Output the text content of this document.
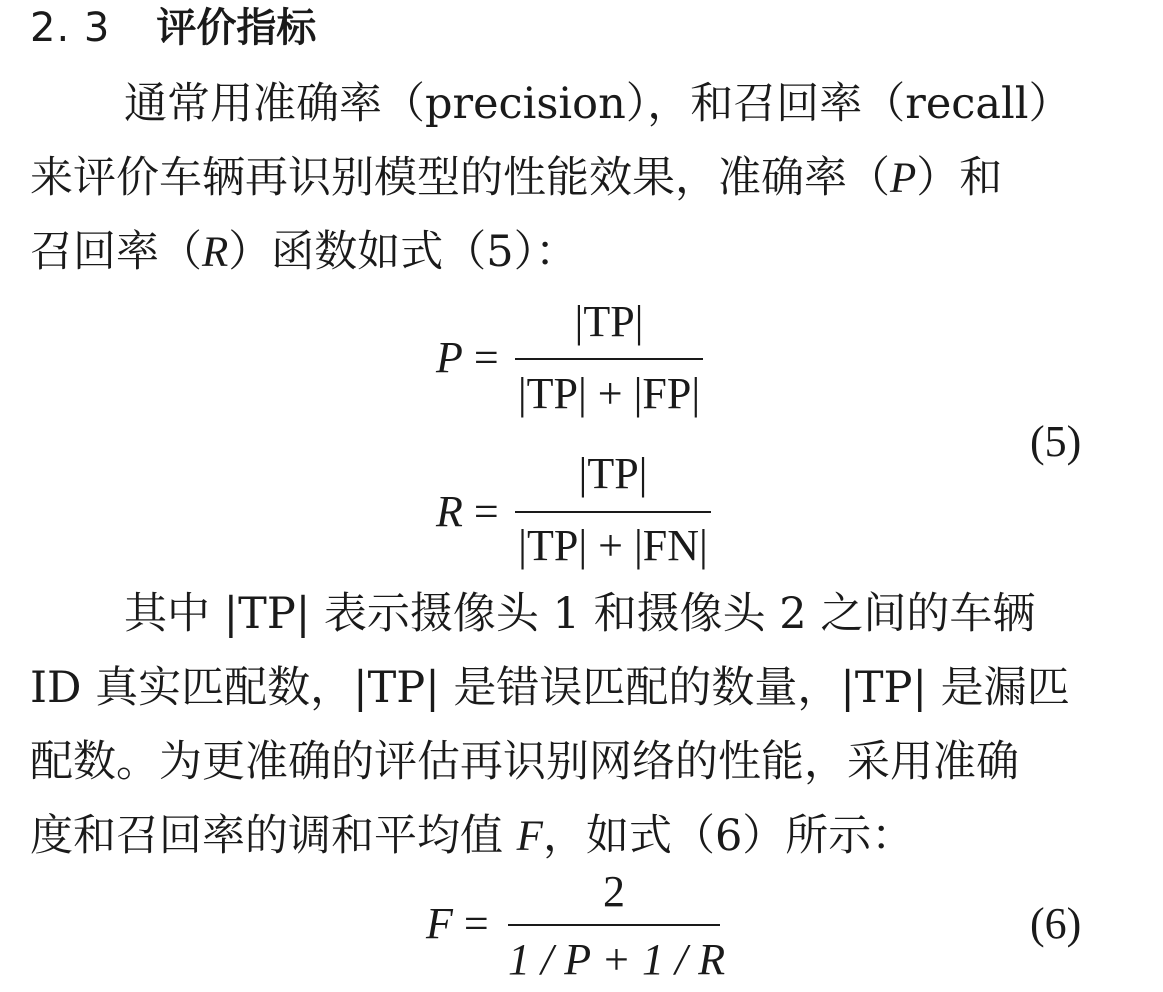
2. 3 评价指标
通常用准确率（precision），和召回率（recall）
来评价车辆再识别模型的性能效果，准确率（P）和
召回率（R）函数如式（5）：
P =
|TP|
|TP| + |FP|
(5)
R =
|TP|
|TP| + |FN|
其中 |TP| 表示摄像头 1 和摄像头 2 之间的车辆
ID 真实匹配数，|TP| 是错误匹配的数量，|TP| 是漏匹
配数。为更准确的评估再识别网络的性能，采用准确
度和召回率的调和平均值 F，如式（6）所示：
F =
2
1 / P + 1 / R
(6)
